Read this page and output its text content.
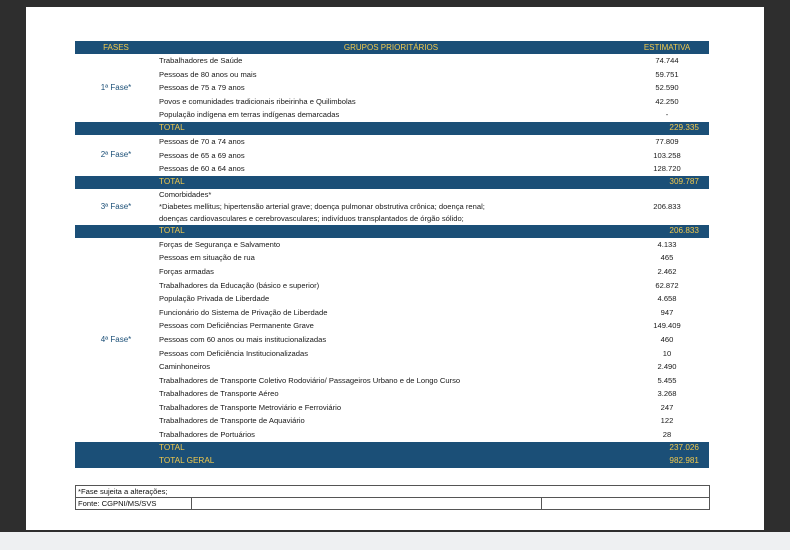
FASES	GRUPOS PRIORITÁRIOS	ESTIMATIVA
1ª Fase*	Trabalhadores de Saúde	74.744
	Pessoas de 80 anos ou mais	59.751
	Pessoas de 75 a 79 anos	52.590
	Povos e comunidades tradicionais ribeirinha e Quilimbolas	42.250
	População indígena em terras indígenas demarcadas	-
	TOTAL	229.335
2ª Fase*	Pessoas de 70 a 74 anos	77.809
	Pessoas de 65 a 69 anos	103.258
	Pessoas de 60 a 64 anos	128.720
	TOTAL	309.787
3ª Fase*	Comorbidades*	206.833
	*Diabetes mellitus; hipertensão arterial grave; doença pulmonar obstrutiva crônica; doença renal;	
	doenças cardiovasculares e cerebrovasculares; indivíduos transplantados de órgão sólido;	
	TOTAL	206.833
4ª Fase*	Forças de Segurança e Salvamento	4.133
	Pessoas em situação de rua	465
	Forças armadas	2.462
	Trabalhadores da Educação (básico e superior)	62.872
	População Privada de Liberdade	4.658
	Funcionário do Sistema de Privação de Liberdade	947
	Pessoas com Deficiências Permanente Grave	149.409
	Pessoas com 60 anos ou mais institucionalizadas	460
	Pessoas com Deficiência Institucionalizadas	10
	Caminhoneiros	2.490
	Trabalhadores de Transporte Coletivo Rodoviário/ Passageiros Urbano e de Longo Curso	5.455
	Trabalhadores de Transporte Aéreo	3.268
	Trabalhadores de Transporte Metroviário e Ferroviário	247
	Trabalhadores de Transporte de Aquaviário	122
	Trabalhadores de Portuários	28
	TOTAL	237.026
	TOTAL GERAL	982.981
*Fase sujeita a alterações;
Fonte: CGPNI/MS/SVS		
